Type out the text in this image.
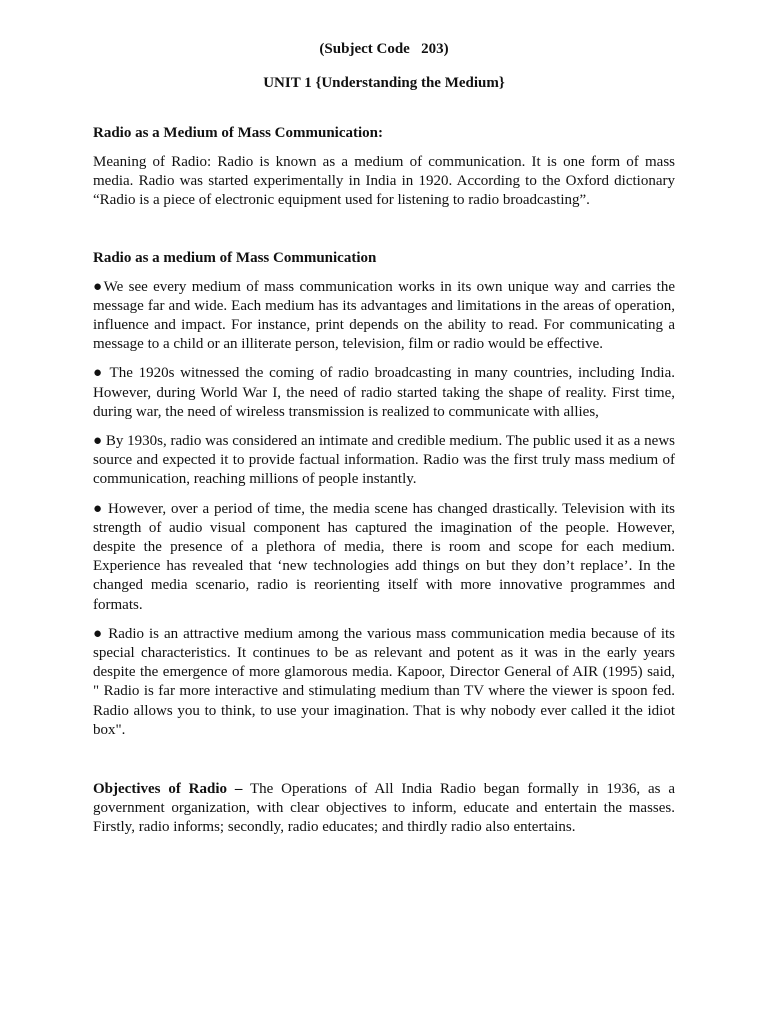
(Subject Code   203)
UNIT 1 {Understanding the Medium}
Radio as a Medium of Mass Communication:

Meaning of Radio: Radio is known as a medium of communication. It is one form of mass media. Radio was started experimentally in India in 1920. According to the Oxford dictionary “Radio is a piece of electronic equipment used for listening to radio broadcasting”.

Radio as a medium of Mass Communication

●We see every medium of mass communication works in its own unique way and carries the message far and wide. Each medium has its advantages and limitations in the areas of operation, influence and impact. For instance, print depends on the ability to read. For communicating a message to a child or an illiterate person, television, film or radio would be effective.

● The 1920s witnessed the coming of radio broadcasting in many countries, including India. However, during World War I, the need of radio started taking the shape of reality. First time, during war, the need of wireless transmission is realized to communicate with allies,

● By 1930s, radio was considered an intimate and credible medium. The public used it as a news source and expected it to provide factual information. Radio was the first truly mass medium of communication, reaching millions of people instantly.

● However, over a period of time, the media scene has changed drastically. Television with its strength of audio visual component has captured the imagination of the people. However, despite the presence of a plethora of media, there is room and scope for each medium. Experience has revealed that ‘new technologies add things on but they don’t replace’. In the changed media scenario, radio is reorienting itself with more innovative programmes and formats.

● Radio is an attractive medium among the various mass communication media because of its special characteristics. It continues to be as relevant and potent as it was in the early years despite the emergence of more glamorous media. Kapoor, Director General of AIR (1995) said, " Radio is far more interactive and stimulating medium than TV where the viewer is spoon fed. Radio allows you to think, to use your imagination. That is why nobody ever called it the idiot box".

Objectives of Radio – The Operations of All India Radio began formally in 1936, as a government organization, with clear objectives to inform, educate and entertain the masses. Firstly, radio informs; secondly, radio educates; and thirdly radio also entertains.
